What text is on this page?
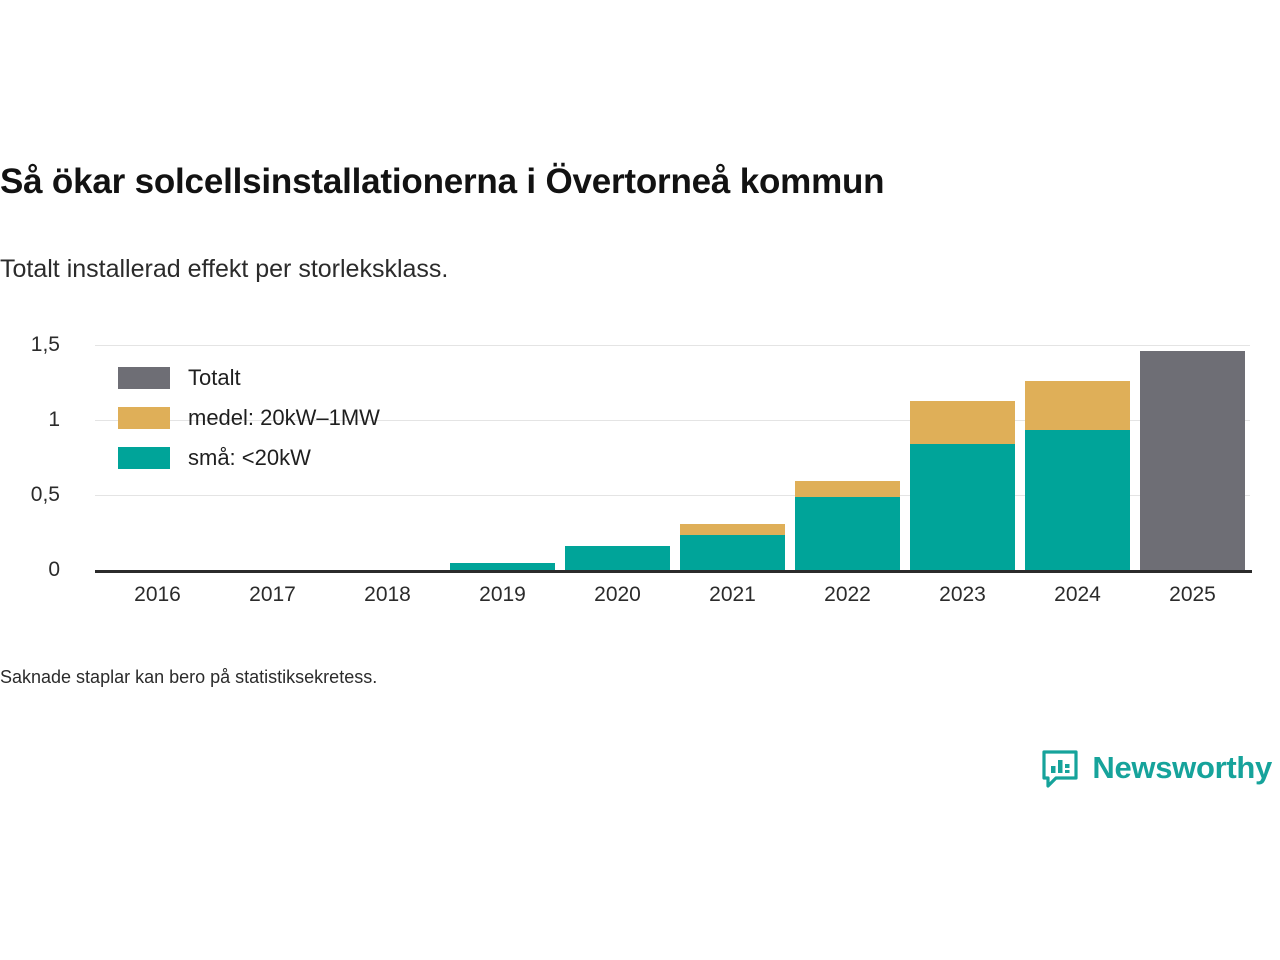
Så ökar solcellsinstallationerna i Övertorneå kommun
Totalt installerad effekt per storleksklass.
1,5
1
0,5
0
2016	2017	2018	2019	2020	2021	2022	2023	2024	2025
Totalt
medel: 20kW–1MW
små: <20kW
Saknade staplar kan bero på statistiksekretess.
Newsworthy
